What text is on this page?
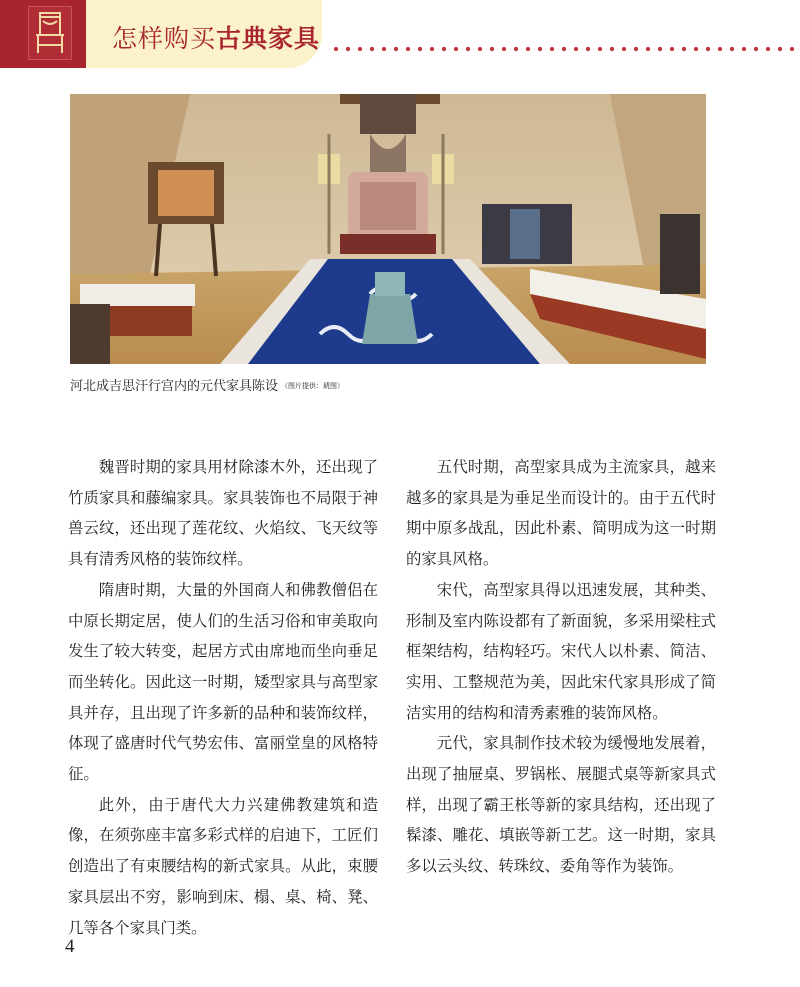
怎样购买古典家具
河北成吉思汗行宫内的元代家具陈设 （图片提供：琥图）

魏晋时期的家具用材除漆木外，还出现了竹质家具和藤编家具。家具装饰也不局限于神兽云纹，还出现了莲花纹、火焰纹、飞天纹等具有清秀风格的装饰纹样。

隋唐时期，大量的外国商人和佛教僧侣在中原长期定居，使人们的生活习俗和审美取向发生了较大转变，起居方式由席地而坐向垂足而坐转化。因此这一时期，矮型家具与高型家具并存，且出现了许多新的品种和装饰纹样，体现了盛唐时代气势宏伟、富丽堂皇的风格特征。

此外，由于唐代大力兴建佛教建筑和造像，在须弥座丰富多彩式样的启迪下，工匠们创造出了有束腰结构的新式家具。从此，束腰家具层出不穷，影响到床、榻、桌、椅、凳、几等各个家具门类。

五代时期，高型家具成为主流家具，越来越多的家具是为垂足坐而设计的。由于五代时期中原多战乱，因此朴素、简明成为这一时期的家具风格。

宋代，高型家具得以迅速发展，其种类、形制及室内陈设都有了新面貌，多采用梁柱式框架结构，结构轻巧。宋代人以朴素、简洁、实用、工整规范为美，因此宋代家具形成了简洁实用的结构和清秀素雅的装饰风格。

元代，家具制作技术较为缓慢地发展着，出现了抽屉桌、罗锅枨、展腿式桌等新家具式样，出现了霸王枨等新的家具结构，还出现了髹漆、雕花、填嵌等新工艺。这一时期，家具多以云头纹、转珠纹、委角等作为装饰。

4
